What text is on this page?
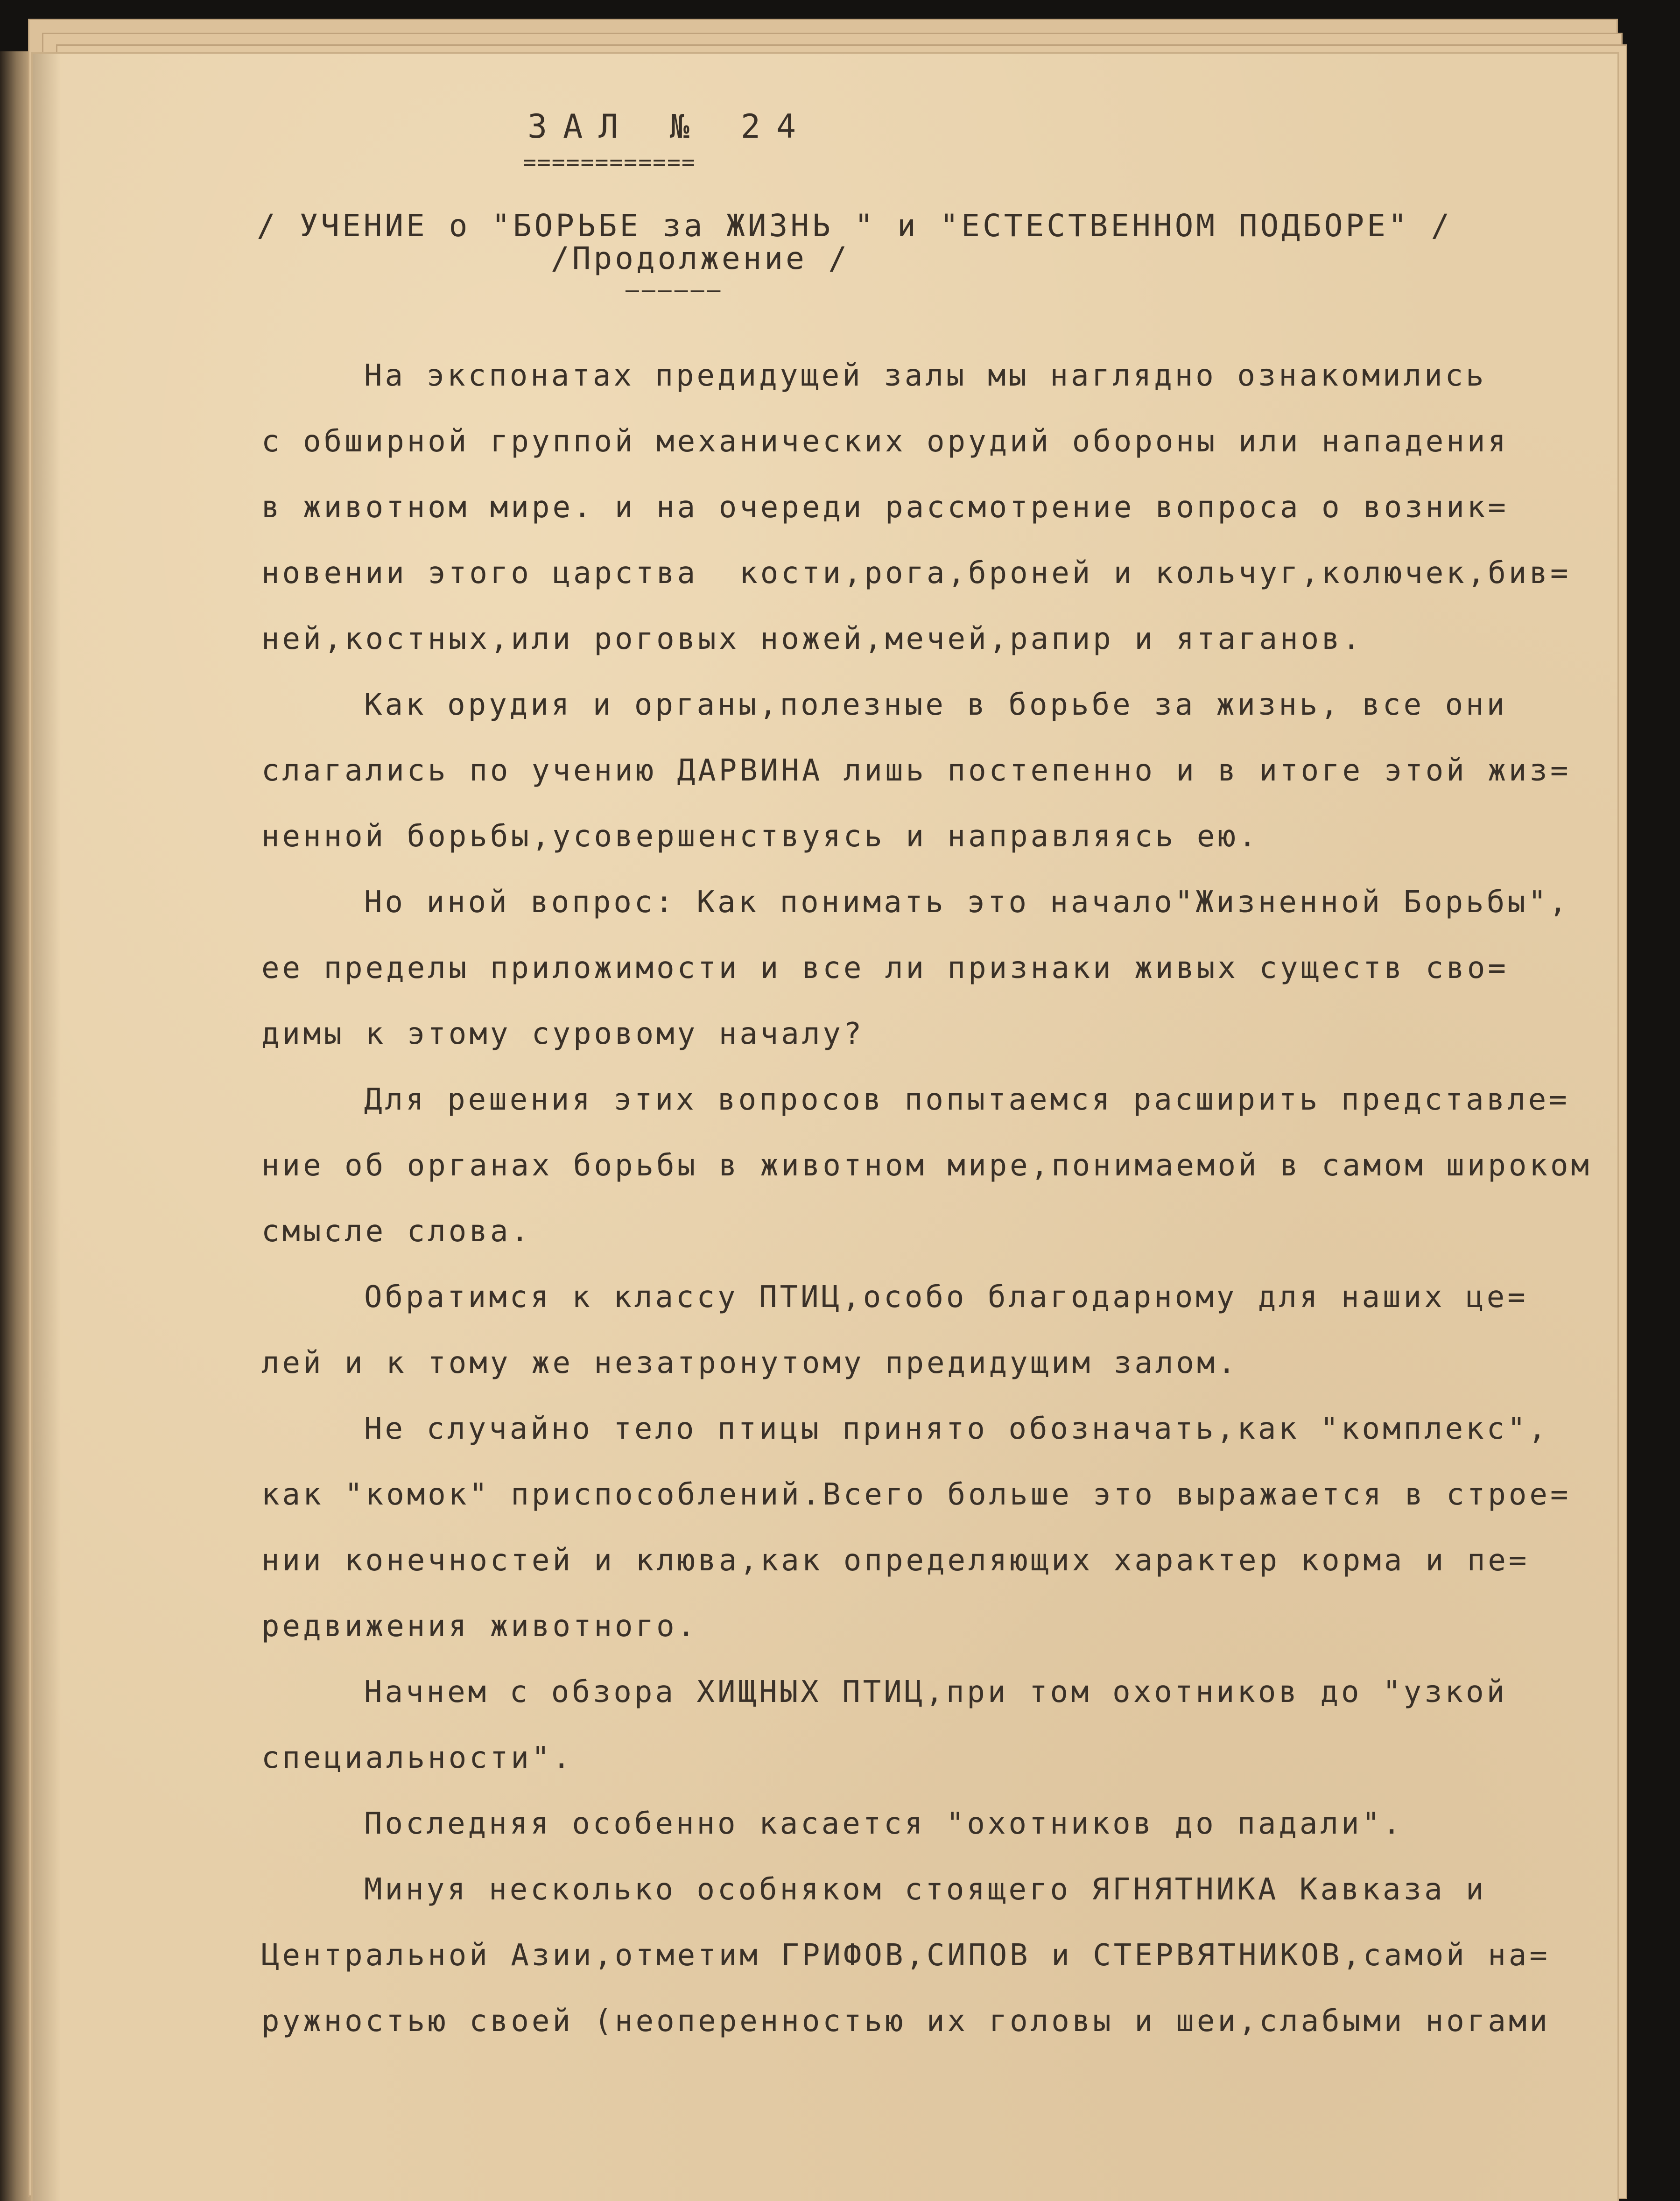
ЗАЛ № 24
============
/ УЧЕНИЕ о "БОРЬБЕ за ЖИЗНЬ " и "ЕСТЕСТВЕННОМ ПОДБОРЕ" /
/Продолжение /
––––––
На экспонатах предидущей залы мы наглядно ознакомились
с обширной группой механических орудий обороны или нападения
в животном мире. и на очереди рассмотрение вопроса о возник=
новении этого царства  кости,рога,броней и кольчуг,колючек,бив=
ней,костных,или роговых ножей,мечей,рапир и ятаганов.
Как орудия и органы,полезные в борьбе за жизнь, все они
слагались по учению ДАРВИНА лишь постепенно и в итоге этой жиз=
ненной борьбы,усовершенствуясь и направляясь ею.
Но иной вопрос: Как понимать это начало"Жизненной Борьбы",
ее пределы приложимости и все ли признаки живых существ сво=
димы к этому суровому началу?
Для решения этих вопросов попытаемся расширить представле=
ние об органах борьбы в животном мире,понимаемой в самом широком
смысле слова.
Обратимся к классу ПТИЦ,особо благодарному для наших це=
лей и к тому же незатронутому предидущим залом.
Не случайно тело птицы принято обозначать,как "комплекс",
как "комок" приспособлений.Всего больше это выражается в строе=
нии конечностей и клюва,как определяющих характер корма и пе=
редвижения животного.
Начнем с обзора ХИЩНЫХ ПТИЦ,при том охотников до "узкой
специальности".
Последняя особенно касается "охотников до падали".
Минуя несколько особняком стоящего ЯГНЯТНИКА Кавказа и
Центральной Азии,отметим ГРИФОВ,СИПОВ и СТЕРВЯТНИКОВ,самой на=
ружностью своей (неоперенностью их головы и шеи,слабыми ногами
